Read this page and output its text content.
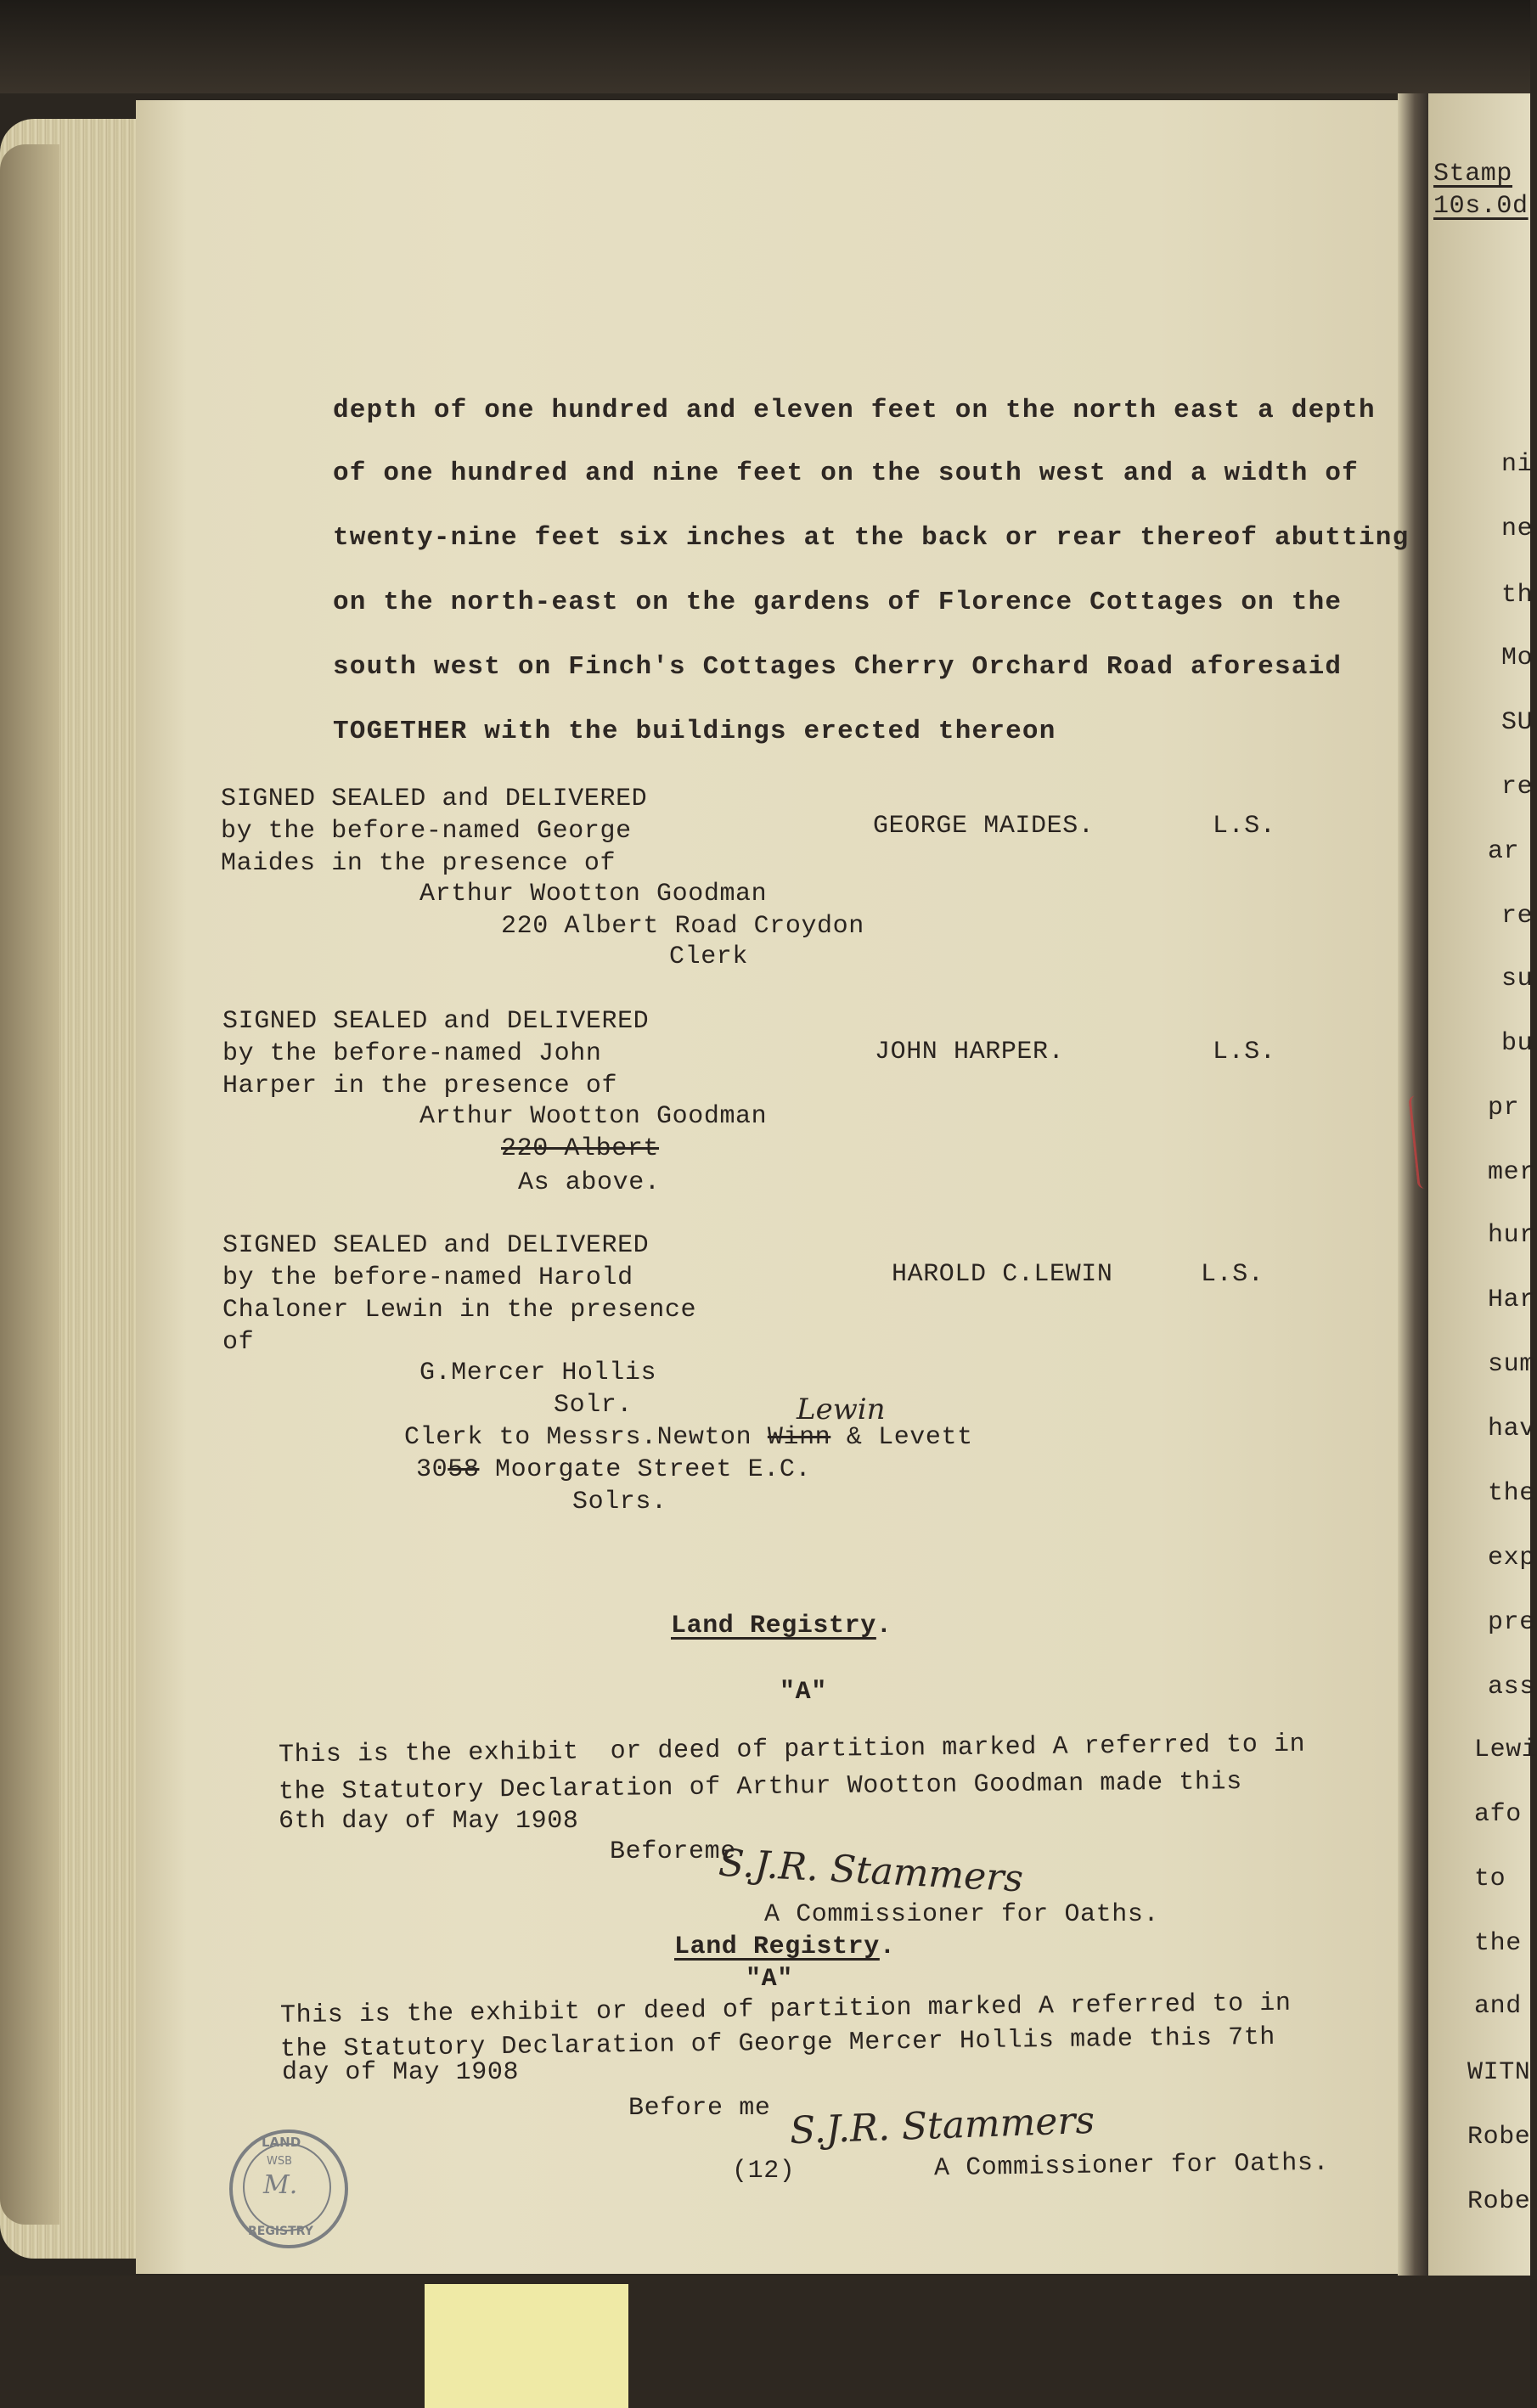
depth of one hundred and eleven feet on the north east a depth
of one hundred and nine feet on the south west and a width of
twenty-nine feet six inches at the back or rear thereof abutting
on the north-east on the gardens of Florence Cottages on the
south west on Finch's Cottages Cherry Orchard Road aforesaid
TOGETHER with the buildings erected thereon
SIGNED SEALED and DELIVERED
by the before-named George
Maides in the presence of
GEORGE MAIDES.	L.S.
Arthur Wootton Goodman
220 Albert Road Croydon
Clerk
SIGNED SEALED and DELIVERED
by the before-named John
Harper in the presence of
JOHN HARPER.	L.S.
Arthur Wootton Goodman
220 Albert
As above.
SIGNED SEALED and DELIVERED
by the before-named Harold
Chaloner Lewin in the presence
of
HAROLD C.LEWIN	L.S.
G.Mercer Hollis
Solr.	Lewin
Clerk to Messrs.Newton Winn & Levett
3058 Moorgate Street E.C.
Solrs.
Land Registry.
"A"
This is the exhibit  or deed of partition marked A referred to in
the Statutory Declaration of Arthur Wootton Goodman made this
6th day of May 1908
Beforeme
S.J.R. Stammers
A Commissioner for Oaths.
Land Registry.
"A"
This is the exhibit or deed of partition marked A referred to in
the Statutory Declaration of George Mercer Hollis made this 7th
day of May 1908
Before me S.J.R. Stammers
A Commissioner for Oaths.
(12)
LAND
WSB
M.
REGISTRY
Stamp
10s.0d
ni
ne
th
Mo
SU
re
ar
re
su
bu
pr
mer
hur
Har
sum
hav
the
exp
pre
ass
Lewi
afo
to
the
and
WITN
Robe
Robe
